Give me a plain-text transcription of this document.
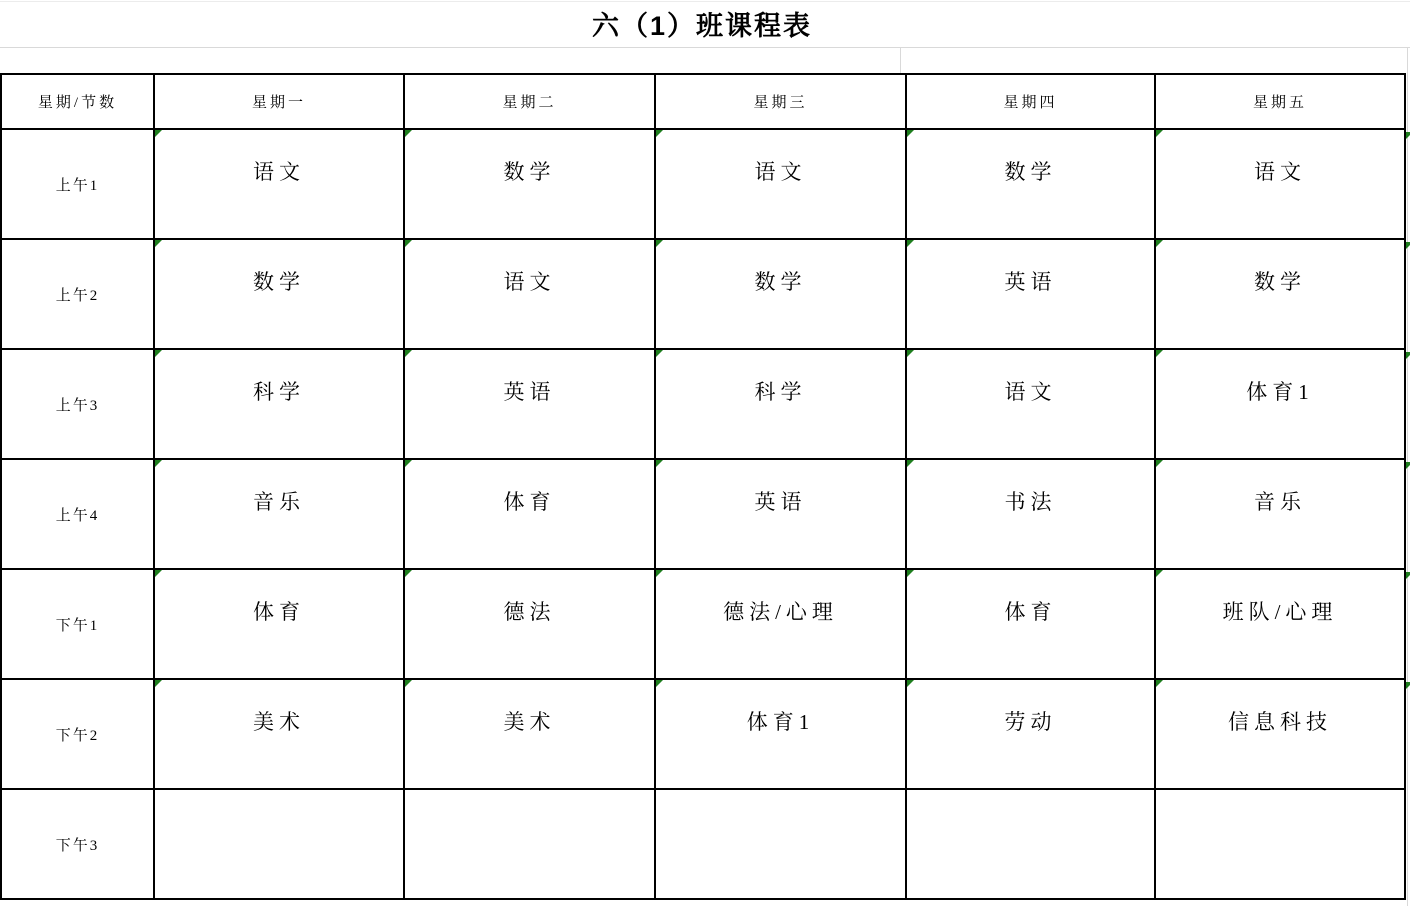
六（1）班课程表
星期/节数	星期一	星期二	星期三	星期四	星期五
上午1	语文	数学	语文	数学	语文

上午2	数学	语文	数学	英语	数学

上午3	科学	英语	科学	语文	体育1

上午4	音乐	体育	英语	书法	音乐

下午1	体育	德法	德法/心理	体育	班队/心理

下午2	美术	美术	体育1	劳动	信息科技

下午3	
